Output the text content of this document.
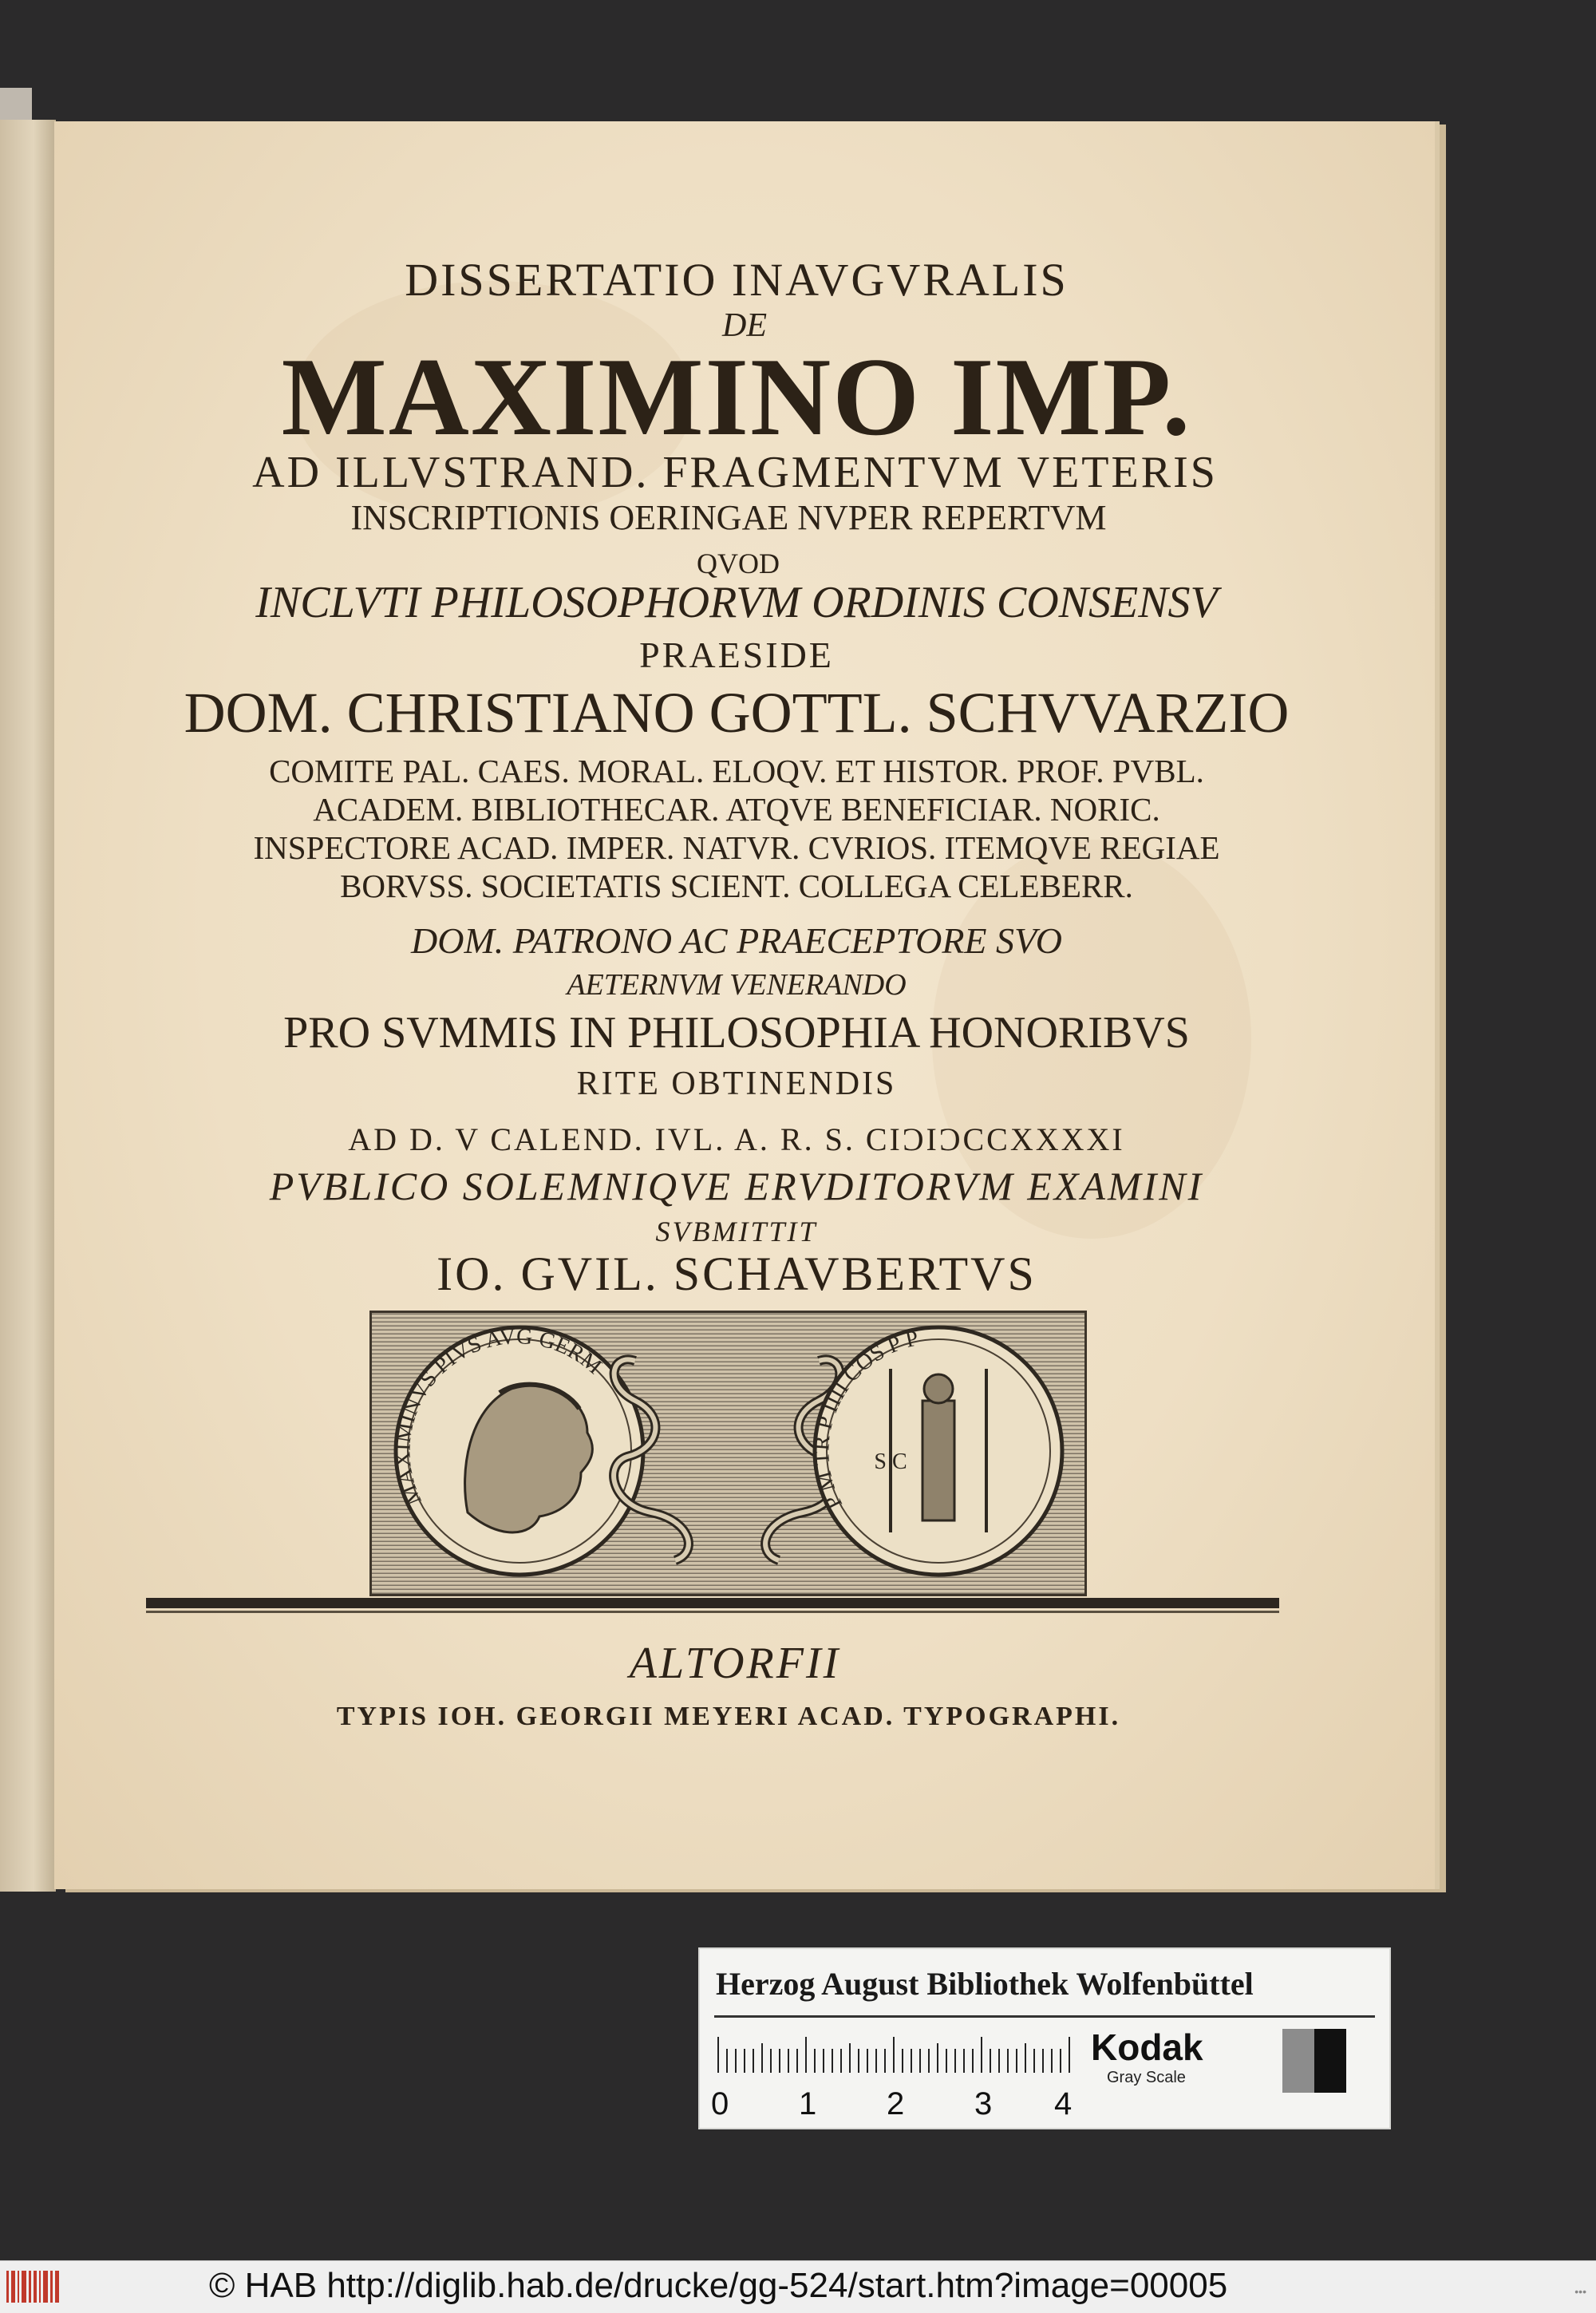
DISSERTATIO INAVGVRALIS
DE
MAXIMINO IMP.
AD ILLVSTRAND. FRAGMENTVM VETERIS
INSCRIPTIONIS OERINGAE NVPER REPERTVM
QVOD
INCLVTI PHILOSOPHORVM ORDINIS CONSENSV
PRAESIDE
DOM. CHRISTIANO GOTTL. SCHVVARZIO
COMITE PAL. CAES. MORAL. ELOQV. ET HISTOR. PROF. PVBL.
ACADEM. BIBLIOTHECAR. ATQVE BENEFICIAR. NORIC.
INSPECTORE ACAD. IMPER. NATVR. CVRIOS. ITEMQVE REGIAE
BORVSS. SOCIETATIS SCIENT. COLLEGA CELEBERR.
DOM. PATRONO AC PRAECEPTORE SVO
AETERNVM VENERANDO
PRO SVMMIS IN PHILOSOPHIA HONORIBVS
RITE OBTINENDIS
AD D. V CALEND. IVL. A. R. S. CIƆIƆCCXXXXI
PVBLICO SOLEMNIQVE ERVDITORVM EXAMINI
SVBMITTIT
IO. GVIL. SCHAVBERTVS
MAXIMINVS PIVS AVG GERM
S C
P M TR P IIII COS P P
ALTORFII
TYPIS IOH. GEORGII MEYERI ACAD. TYPOGRAPHI.
Herzog August Bibliothek Wolfenbüttel
0 1 2 3 4
Kodak
Gray Scale
© HAB http://diglib.hab.de/drucke/gg-524/start.htm?image=00005	•••
